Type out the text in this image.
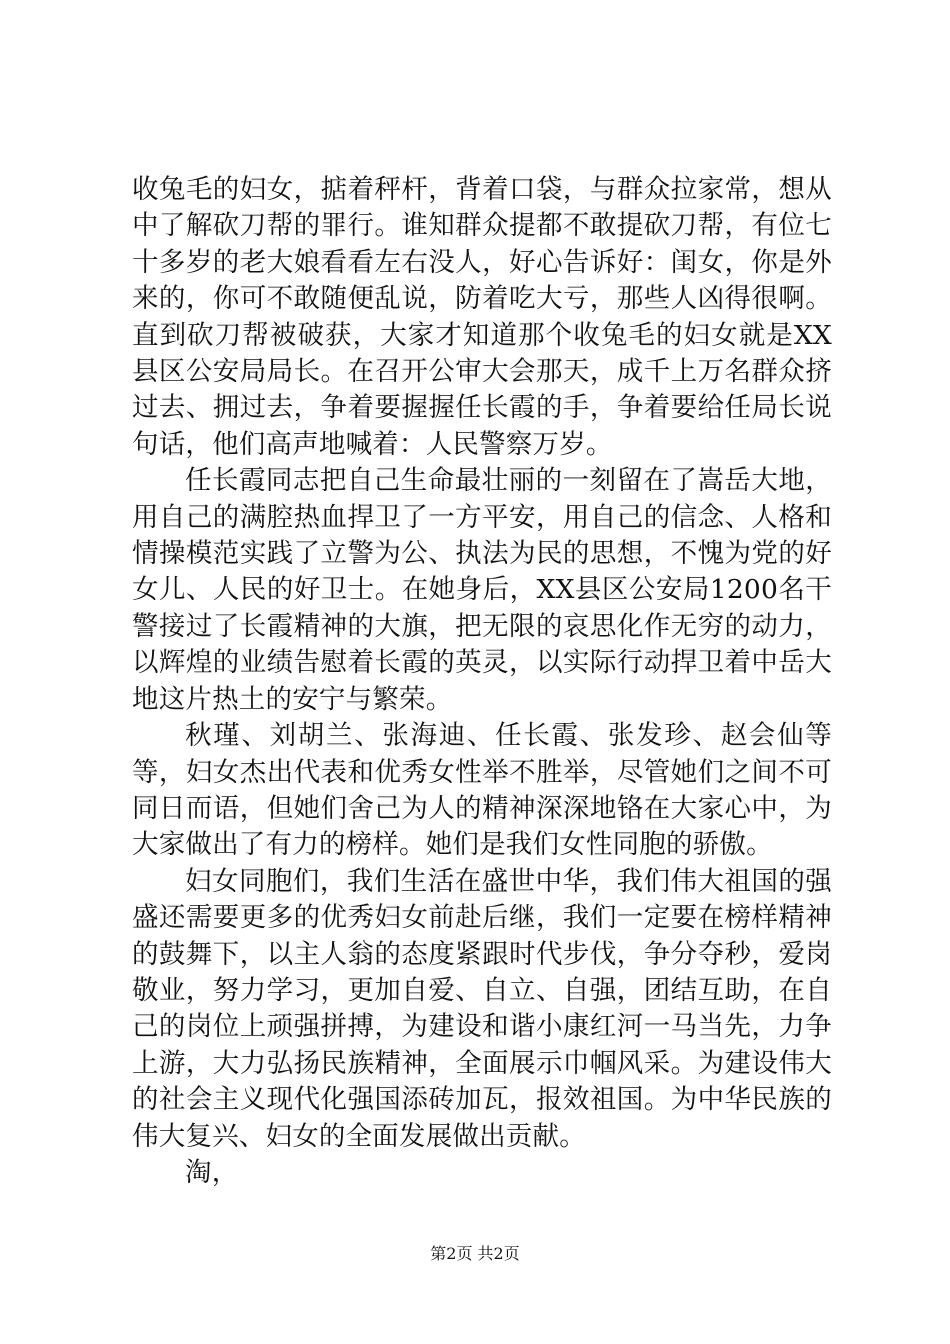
收兔毛的妇女，掂着秤杆，背着口袋，与群众拉家常，想从中了解砍刀帮的罪行。谁知群众提都不敢提砍刀帮，有位七十多岁的老大娘看看左右没人，好心告诉好：闺女，你是外来的，你可不敢随便乱说，防着吃大亏，那些人凶得很啊。直到砍刀帮被破获，大家才知道那个收兔毛的妇女就是XX县区公安局局长。在召开公审大会那天，成千上万名群众挤过去、拥过去，争着要握握任长霞的手，争着要给任局长说句话，他们高声地喊着：人民警察万岁。

任长霞同志把自己生命最壮丽的一刻留在了嵩岳大地，用自己的满腔热血捍卫了一方平安，用自己的信念、人格和情操模范实践了立警为公、执法为民的思想，不愧为党的好女儿、人民的好卫士。在她身后，XX县区公安局1200名干警接过了长霞精神的大旗，把无限的哀思化作无穷的动力，以辉煌的业绩告慰着长霞的英灵，以实际行动捍卫着中岳大地这片热土的安宁与繁荣。

秋瑾、刘胡兰、张海迪、任长霞、张发珍、赵会仙等等，妇女杰出代表和优秀女性举不胜举，尽管她们之间不可同日而语，但她们舍己为人的精神深深地铬在大家心中，为大家做出了有力的榜样。她们是我们女性同胞的骄傲。

妇女同胞们，我们生活在盛世中华，我们伟大祖国的强盛还需要更多的优秀妇女前赴后继，我们一定要在榜样精神的鼓舞下，以主人翁的态度紧跟时代步伐，争分夺秒，爱岗敬业，努力学习，更加自爱、自立、自强，团结互助，在自己的岗位上顽强拼搏，为建设和谐小康红河一马当先，力争上游，大力弘扬民族精神，全面展示巾帼风采。为建设伟大的社会主义现代化强国添砖加瓦，报效祖国。为中华民族的伟大复兴、妇女的全面发展做出贡献。

淘，

第2页 共2页
